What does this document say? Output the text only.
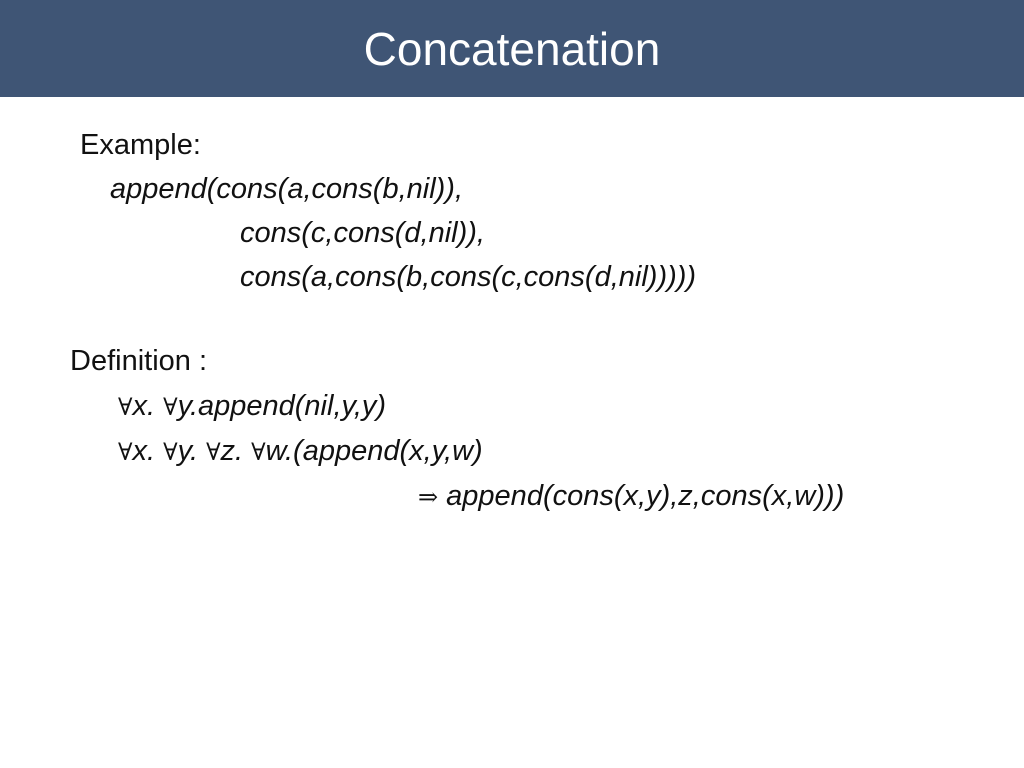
Concatenation
Example:
append(cons(a,cons(b,nil)),
cons(c,cons(d,nil)),
cons(a,cons(b,cons(c,cons(d,nil)))))
Definition :
∀x. ∀y.append(nil,y,y)
∀x. ∀y. ∀z. ∀w.(append(x,y,w)
⇒ append(cons(x,y),z,cons(x,w)))
